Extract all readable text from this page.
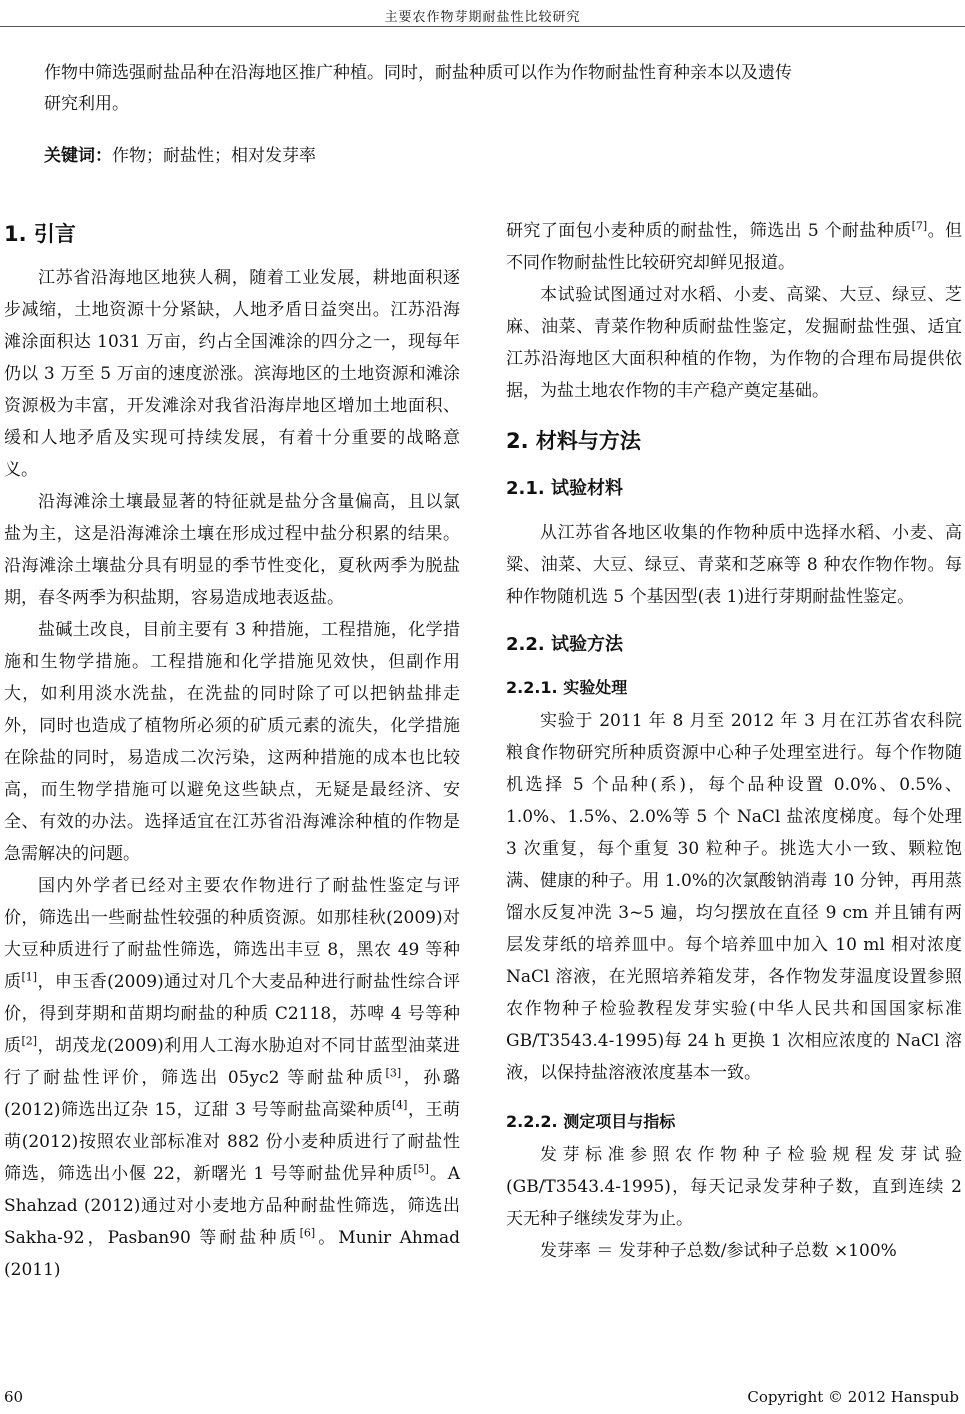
主要农作物芽期耐盐性比较研究
作物中筛选强耐盐品种在沿海地区推广种植。同时，耐盐种质可以作为作物耐盐性育种亲本以及遗传
研究利用。
关键词：作物；耐盐性；相对发芽率
1. 引言

江苏省沿海地区地狭人稠，随着工业发展，耕地面积逐步减缩，土地资源十分紧缺，人地矛盾日益突出。江苏沿海滩涂面积达 1031 万亩，约占全国滩涂的四分之一，现每年仍以 3 万至 5 万亩的速度淤涨。滨海地区的土地资源和滩涂资源极为丰富，开发滩涂对我省沿海岸地区增加土地面积、缓和人地矛盾及实现可持续发展，有着十分重要的战略意义。

沿海滩涂土壤最显著的特征就是盐分含量偏高，且以氯盐为主，这是沿海滩涂土壤在形成过程中盐分积累的结果。沿海滩涂土壤盐分具有明显的季节性变化，夏秋两季为脱盐期，春冬两季为积盐期，容易造成地表返盐。

盐碱土改良，目前主要有 3 种措施，工程措施，化学措施和生物学措施。工程措施和化学措施见效快，但副作用大，如利用淡水洗盐，在洗盐的同时除了可以把钠盐排走外，同时也造成了植物所必须的矿质元素的流失，化学措施在除盐的同时，易造成二次污染，这两种措施的成本也比较高，而生物学措施可以避免这些缺点，无疑是最经济、安全、有效的办法。选择适宜在江苏省沿海滩涂种植的作物是急需解决的问题。

国内外学者已经对主要农作物进行了耐盐性鉴定与评价，筛选出一些耐盐性较强的种质资源。如那桂秋(2009)对大豆种质进行了耐盐性筛选，筛选出丰豆 8，黑农 49 等种质[1]，申玉香(2009)通过对几个大麦品种进行耐盐性综合评价，得到芽期和苗期均耐盐的种质 C2118，苏啤 4 号等种质[2]，胡茂龙(2009)利用人工海水胁迫对不同甘蓝型油菜进行了耐盐性评价，筛选出 05yc2 等耐盐种质[3]，孙璐(2012)筛选出辽杂 15，辽甜 3 号等耐盐高粱种质[4]，王萌萌(2012)按照农业部标准对 882 份小麦种质进行了耐盐性筛选，筛选出小偃 22，新曙光 1 号等耐盐优异种质[5]。A Shahzad (2012)通过对小麦地方品种耐盐性筛选，筛选出 Sakha-92，Pasban90 等耐盐种质[6]。Munir Ahmad (2011)

研究了面包小麦种质的耐盐性，筛选出 5 个耐盐种质[7]。但不同作物耐盐性比较研究却鲜见报道。

本试验试图通过对水稻、小麦、高粱、大豆、绿豆、芝麻、油菜、青菜作物种质耐盐性鉴定，发掘耐盐性强、适宜江苏沿海地区大面积种植的作物，为作物的合理布局提供依据，为盐土地农作物的丰产稳产奠定基础。

2. 材料与方法
2.1. 试验材料

从江苏省各地区收集的作物种质中选择水稻、小麦、高粱、油菜、大豆、绿豆、青菜和芝麻等 8 种农作物作物。每种作物随机选 5 个基因型(表 1)进行芽期耐盐性鉴定。

2.2. 试验方法
2.2.1. 实验处理

实验于 2011 年 8 月至 2012 年 3 月在江苏省农科院粮食作物研究所种质资源中心种子处理室进行。每个作物随机选择 5 个品种(系)，每个品种设置 0.0%、0.5%、1.0%、1.5%、2.0%等 5 个 NaCl 盐浓度梯度。每个处理 3 次重复，每个重复 30 粒种子。挑选大小一致、颗粒饱满、健康的种子。用 1.0%的次氯酸钠消毒 10 分钟，再用蒸馏水反复冲洗 3~5 遍，均匀摆放在直径 9 cm 并且铺有两层发芽纸的培养皿中。每个培养皿中加入 10 ml 相对浓度 NaCl 溶液，在光照培养箱发芽，各作物发芽温度设置参照农作物种子检验教程发芽实验(中华人民共和国国家标准 GB/T3543.4-1995)每 24 h 更换 1 次相应浓度的 NaCl 溶液，以保持盐溶液浓度基本一致。

2.2.2. 测定项目与指标

发芽标准参照农作物种子检验规程发芽试验(GB/T3543.4-1995)，每天记录发芽种子数，直到连续 2 天无种子继续发芽为止。

发芽率 ＝ 发芽种子总数/参试种子总数 ×100%

60	Copyright © 2012 Hanspub
